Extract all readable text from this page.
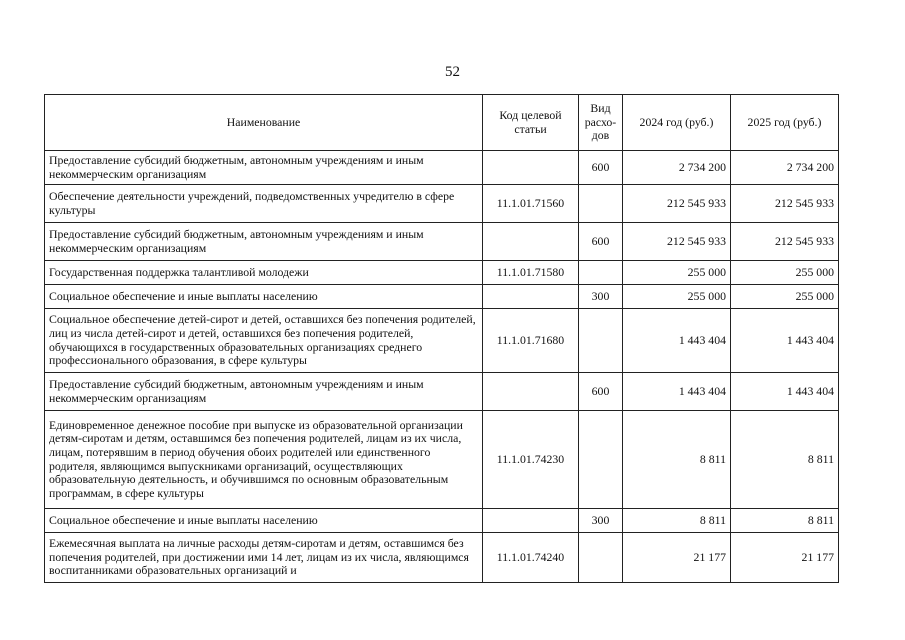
52
Наименование	Код целевой статьи	Вид расхо-дов	2024 год (руб.)	2025 год (руб.)
Предоставление субсидий бюджетным, автономным учреждениям и иным некоммерческим организациям		600	2 734 200	2 734 200
Обеспечение деятельности учреждений, подведомственных учредителю в сфере культуры	11.1.01.71560		212 545 933	212 545 933
Предоставление субсидий бюджетным, автономным учреждениям и иным некоммерческим организациям		600	212 545 933	212 545 933
Государственная поддержка талантливой молодежи	11.1.01.71580		255 000	255 000
Социальное обеспечение и иные выплаты населению		300	255 000	255 000
Социальное обеспечение детей-сирот и детей, оставшихся без попечения родителей, лиц из числа детей-сирот и детей, оставшихся без попечения родителей, обучающихся в государственных образовательных организациях среднего профессионального образования, в сфере культуры	11.1.01.71680		1 443 404	1 443 404
Предоставление субсидий бюджетным, автономным учреждениям и иным некоммерческим организациям		600	1 443 404	1 443 404
Единовременное денежное пособие при выпуске из образовательной организации детям-сиротам и детям, оставшимся без попечения родителей, лицам из их числа, лицам, потерявшим в период обучения обоих родителей или единственного родителя, являющимся выпускниками организаций, осуществляющих образовательную деятельность, и обучившимся по основным образовательным программам, в сфере культуры	11.1.01.74230		8 811	8 811
Социальное обеспечение и иные выплаты населению		300	8 811	8 811
Ежемесячная выплата на личные расходы детям-сиротам и детям, оставшимся без попечения родителей, при достижении ими 14 лет, лицам из их числа, являющимся воспитанниками образовательных организаций и	11.1.01.74240		21 177	21 177
